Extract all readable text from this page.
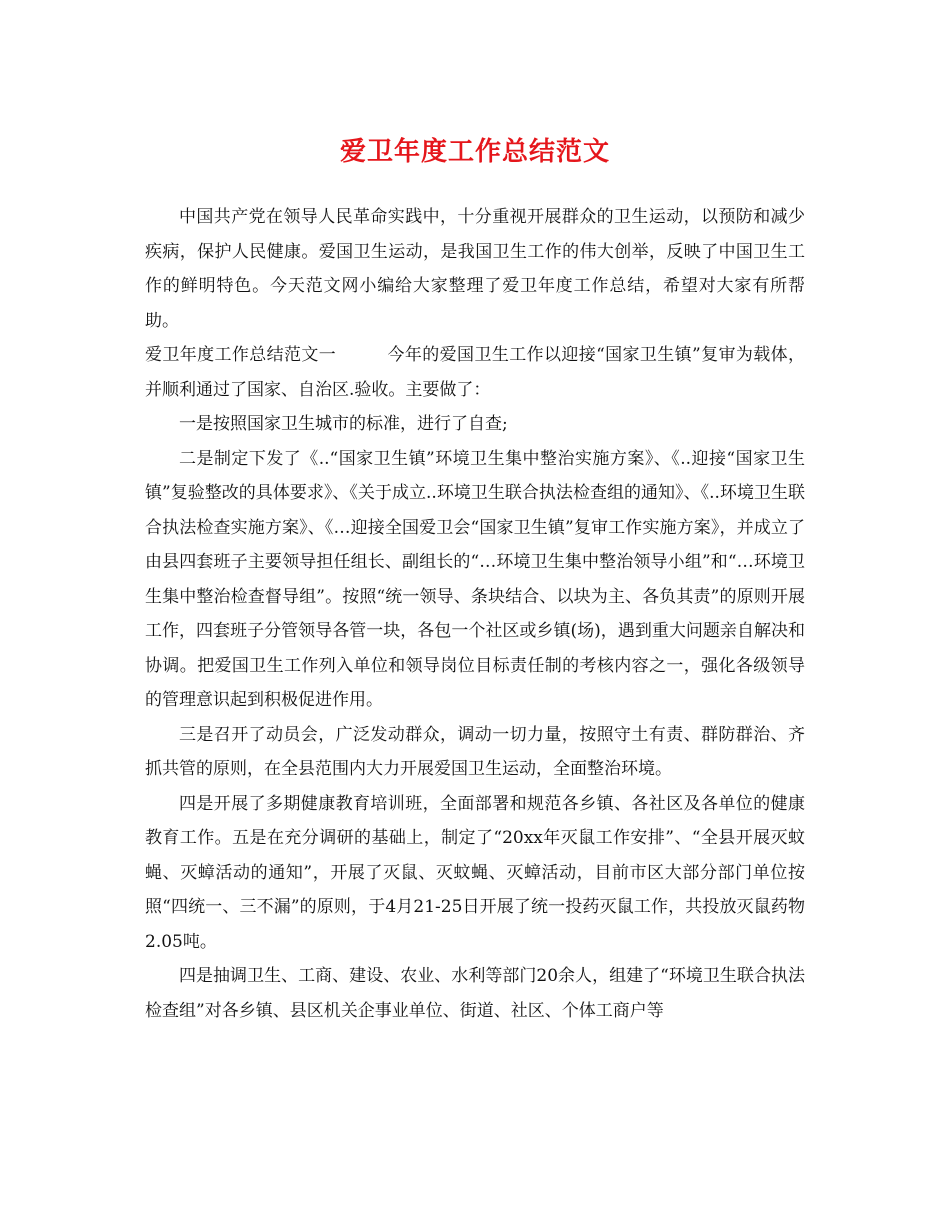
爱卫年度工作总结范文

中国共产党在领导人民革命实践中，十分重视开展群众的卫生运动，以预防和减少疾病，保护人民健康。爱国卫生运动，是我国卫生工作的伟大创举，反映了中国卫生工作的鲜明特色。今天范文网小编给大家整理了爱卫年度工作总结，希望对大家有所帮助。

爱卫年度工作总结范文一	今年的爱国卫生工作以迎接“国家卫生镇”复审为载体，并顺利通过了国家、自治区.验收。主要做了：

一是按照国家卫生城市的标准，进行了自查;

二是制定下发了《..“国家卫生镇”环境卫生集中整治实施方案》、《..迎接“国家卫生镇”复验整改的具体要求》、《关于成立..环境卫生联合执法检查组的通知》、《..环境卫生联合执法检查实施方案》、《…迎接全国爱卫会“国家卫生镇”复审工作实施方案》，并成立了由县四套班子主要领导担任组长、副组长的“…环境卫生集中整治领导小组”和“…环境卫生集中整治检查督导组”。按照“统一领导、条块结合、以块为主、各负其责”的原则开展工作，四套班子分管领导各管一块，各包一个社区或乡镇(场)，遇到重大问题亲自解决和协调。把爱国卫生工作列入单位和领导岗位目标责任制的考核内容之一，强化各级领导的管理意识起到积极促进作用。

三是召开了动员会，广泛发动群众，调动一切力量，按照守土有责、群防群治、齐抓共管的原则，在全县范围内大力开展爱国卫生运动，全面整治环境。

四是开展了多期健康教育培训班，全面部署和规范各乡镇、各社区及各单位的健康教育工作。五是在充分调研的基础上，制定了“20xx年灭鼠工作安排”、“全县开展灭蚊蝇、灭蟑活动的通知”，开展了灭鼠、灭蚊蝇、灭蟑活动，目前市区大部分部门单位按照“四统一、三不漏”的原则，于4月21-25日开展了统一投药灭鼠工作，共投放灭鼠药物2.05吨。

四是抽调卫生、工商、建设、农业、水利等部门20余人，组建了“环境卫生联合执法检查组”对各乡镇、县区机关企事业单位、街道、社区、个体工商户等
